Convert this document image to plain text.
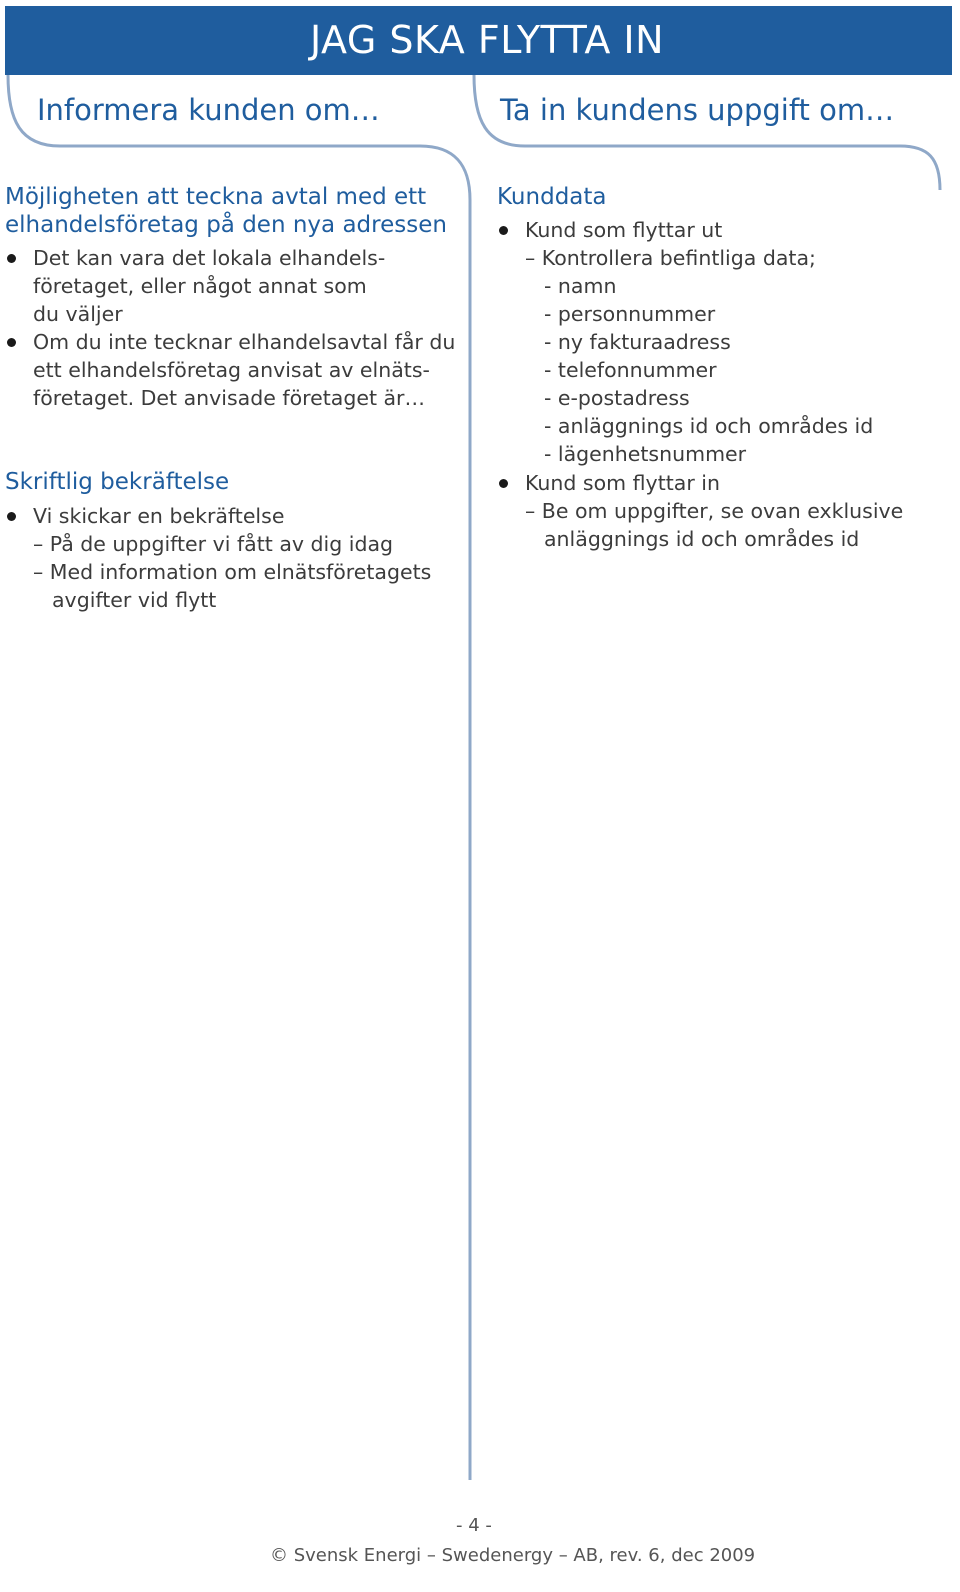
JAG SKA FLYTTA IN
Informera kunden om…	Ta in kundens uppgift om…
Möjligheten att teckna avtal med ett
elhandelsföretag på den nya adressen
Det kan vara det lokala elhandels-
företaget, eller något annat som
du väljer
Om du inte tecknar elhandelsavtal får du
ett elhandelsföretag anvisat av elnäts-
företaget. Det anvisade företaget är…
Skriftlig bekräftelse
Vi skickar en bekräftelse
– På de uppgifter vi fått av dig idag
– Med information om elnätsföretagets
avgifter vid flytt
Kunddata
Kund som flyttar ut
– Kontrollera befintliga data;
- namn
- personnummer
- ny fakturaadress
- telefonnummer
- e-postadress
- anläggnings id och områdes id
- lägenhetsnummer
Kund som flyttar in
– Be om uppgifter, se ovan exklusive
anläggnings id och områdes id
- 4 -
© Svensk Energi – Swedenergy – AB, rev. 6, dec 2009
